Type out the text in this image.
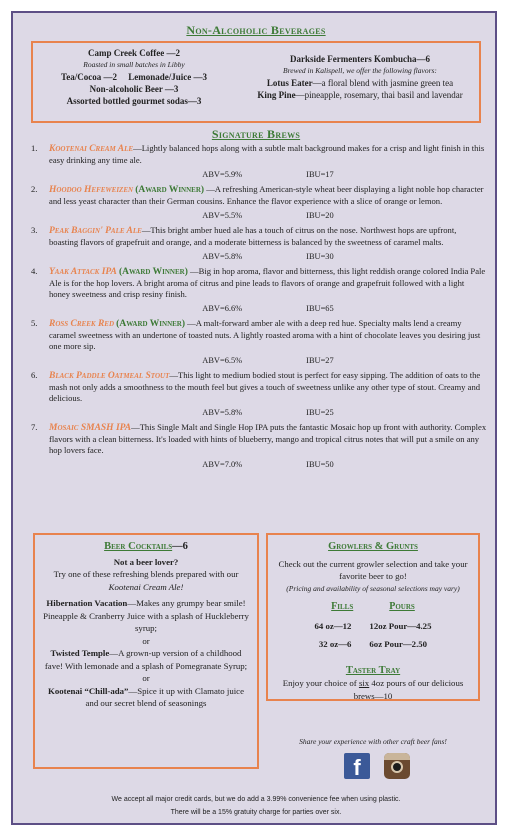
Non-Alcoholic Beverages
Camp Creek Coffee —2
Roasted in small batches in Libby
Tea/Cocoa —2 Lemonade/Juice —3
Non-alcoholic Beer —3
Assorted bottled gourmet sodas—3
Darkside Fermenters Kombucha—6
Brewed in Kalispell, we offer the following flavors:
Lotus Eater—a floral blend with jasmine green tea
King Pine—pineapple, rosemary, thai basil and lavendar
Signature Brews
1. Kootenai Cream Ale—Lightly balanced hops along with a subtle malt background makes for a crisp and light finish in this easy drinking any time ale.
ABV=5.9%	IBU=17
2. Hoodoo Hefeweizen (Award Winner) —A refreshing American-style wheat beer displaying a light noble hop character and less yeast character than their German cousins. Enhance the flavor experience with a slice of orange or lemon.
ABV=5.5%	IBU=20
3. Peak Baggin' Pale Ale—This bright amber hued ale has a touch of citrus on the nose. Northwest hops are upfront, boasting flavors of grapefruit and orange, and a moderate bitterness is balanced by the sweetness of caramel malts.
ABV=5.8%	IBU=30
4. Yaak Attack IPA (Award Winner) —Big in hop aroma, flavor and bitterness, this light reddish orange colored India Pale Ale is for the hop lovers. A bright aroma of citrus and pine leads to flavors of orange and grapefruit followed with a light honey sweetness and crisp resiny finish.
ABV=6.6%	IBU=65
5. Ross Creek Red (Award Winner) —A malt-forward amber ale with a deep red hue. Specialty malts lend a creamy caramel sweetness with an undertone of toasted nuts. A lightly roasted aroma with a hint of chocolate leaves you desiring just one more sip.
ABV=6.5%	IBU=27
6. Black Paddle Oatmeal Stout—This light to medium bodied stout is perfect for easy sipping. The addition of oats to the mash not only adds a smoothness to the mouth feel but gives a touch of sweetness unlike any other type of stout. Creamy and delicious.
ABV=5.8%	IBU=25
7. Mosaic SMASH IPA—This Single Malt and Single Hop IPA puts the fantastic Mosaic hop up front with authority. Complex flavors with a clean bitterness. It's loaded with hints of blueberry, mango and tropical citrus notes that will put a smile on any hop lovers face.
ABV=7.0%	IBU=50
Beer Cocktails—6
Not a beer lover?
Try one of these refreshing blends prepared with our Kootenai Cream Ale!
Hibernation Vacation—Makes any grumpy bear smile! Pineapple & Cranberry Juice with a splash of Huckleberry syrup;
or
Twisted Temple—A grown-up version of a childhood fave! With lemonade and a splash of Pomegranate Syrup;
or
Kootenai “Chill-ada”—Spice it up with Clamato juice and our secret blend of seasonings
Growlers & Grunts
Check out the current growler selection and take your favorite beer to go!
(Pricing and availability of seasonal selections may vary)
Fills	Pours
64 oz—12 12oz Pour—4.25
32 oz—6 6oz Pour—2.50
Taster Tray
Enjoy your choice of six 4oz pours of our delicious brews—10
Share your experience with other craft beer fans!
f
We accept all major credit cards, but we do add a 3.99% convenience fee when using plastic.
There will be a 15% gratuity charge for parties over six.
